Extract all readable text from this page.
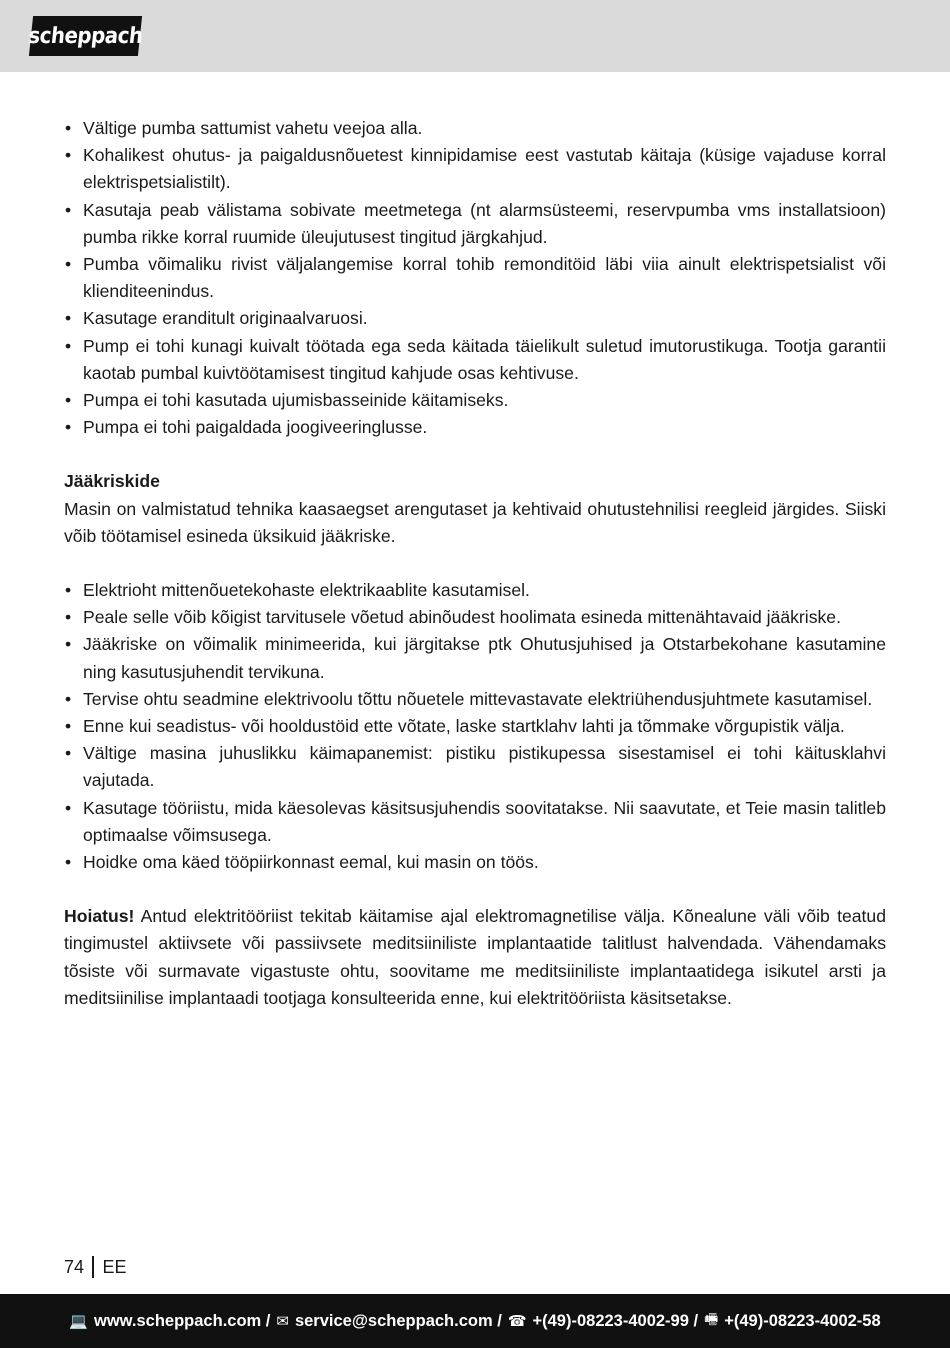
scheppach
• Vältige pumba sattumist vahetu veejoa alla.
• Kohalikest ohutus- ja paigaldusnõuetest kinnipidamise eest vastutab käitaja (küsige vajaduse korral elektrispetsialistilt).
• Kasutaja peab välistama sobivate meetmetega (nt alarmsüsteemi, reservpumba vms installatsioon) pumba rikke korral ruumide üleujutusest tingitud järgkahjud.
• Pumba võimaliku rivist väljalangemise korral tohib remonditöid läbi viia ainult elektrispetsialist või klienditeenindus.
• Kasutage eranditult originaalvaruosi.
• Pump ei tohi kunagi kuivalt töötada ega seda käitada täielikult suletud imutorustikuga. Tootja garantii kaotab pumbal kuivtöötamisest tingitud kahjude osas kehtivuse.
• Pumpa ei tohi kasutada ujumisbasseinide käitamiseks.
• Pumpa ei tohi paigaldada joogiveeringlusse.
Jääkriskide
Masin on valmistatud tehnika kaasaegset arengutaset ja kehtivaid ohutustehnilisi reegleid järgides. Siiski võib töötamisel esineda üksikuid jääkriske.
• Elektrioht mittenõuetekohaste elektrikaablite kasutamisel.
• Peale selle võib kõigist tarvitusele võetud abinõudest hoolimata esineda mittenähtavaid jääkriske.
• Jääkriske on võimalik minimeerida, kui järgitakse ptk Ohutusjuhised ja Otstarbekohane kasutamine ning kasutusjuhendit tervikuna.
• Tervise ohtu seadmine elektrivoolu tõttu nõuetele mittevastavate elektriühendusjuhtmete kasutamisel.
• Enne kui seadistus- või hooldustöid ette võtate, laske startklahv lahti ja tõmmake võrgupistik välja.
• Vältige masina juhuslikku käimapanemist: pistiku pistikupessa sisestamisel ei tohi käitusklahvi vajutada.
• Kasutage tööriistu, mida käesolevas käsitsusjuhendis soovitatakse. Nii saavutate, et Teie masin talitleb optimaalse võimsusega.
• Hoidke oma käed tööpiirkonnast eemal, kui masin on töös.
Hoiatus! Antud elektritööriist tekitab käitamise ajal elektromagnetilise välja. Kõnealune väli võib teatud tingimustel aktiivsete või passiivsete meditsiiniliste implantaatide talitlust halvendada. Vähendamaks tõsiste või surmavate vigastuste ohtu, soovitame me meditsiiniliste implantaatidega isikutel arsti ja meditsiinilise implantaadi tootjaga konsulteerida enne, kui elektritööriista käsitsetakse.
74 EE
💻 www.scheppach.com / ✉ service@scheppach.com / ☎ +(49)-08223-4002-99 / 🖷 +(49)-08223-4002-58
